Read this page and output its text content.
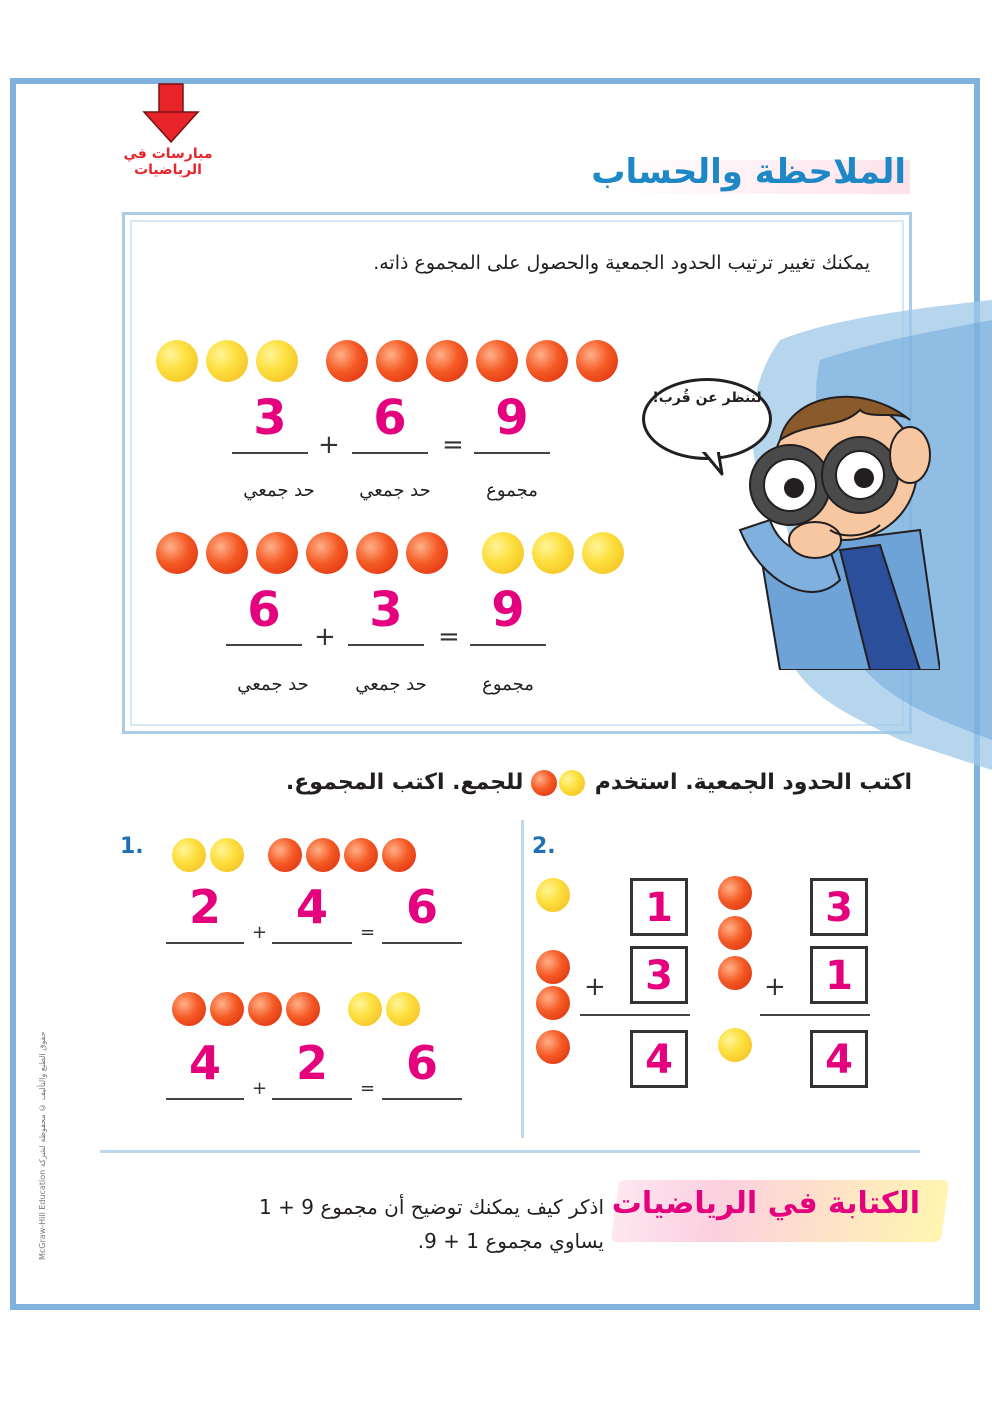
مبارسات في الرياضيات	الملاحظة والحساب
لننظر عن قُرب!
يمكنك تغيير ترتيب الحدود الجمعية والحصول على المجموع ذاته.
3	+ 6	= 9
مجموع
حد جمعي
حد جمعي
6	+ 3	= 9
مجموع
حد جمعي
حد جمعي
اكتب الحدود الجمعية. استخدم
للجمع. اكتب المجموع.
1.
2	+ 4	= 6
4	+ 2	= 6
2.
1
+ 3
4
3
+ 1
4
الكتابة في الرياضيات
اذكر كيف يمكنك توضيح أن مجموع 9 + 1
يساوي مجموع 1 + 9.
McGraw-Hill Education حقوق الطبع والتأليف © محفوظة لشركة
